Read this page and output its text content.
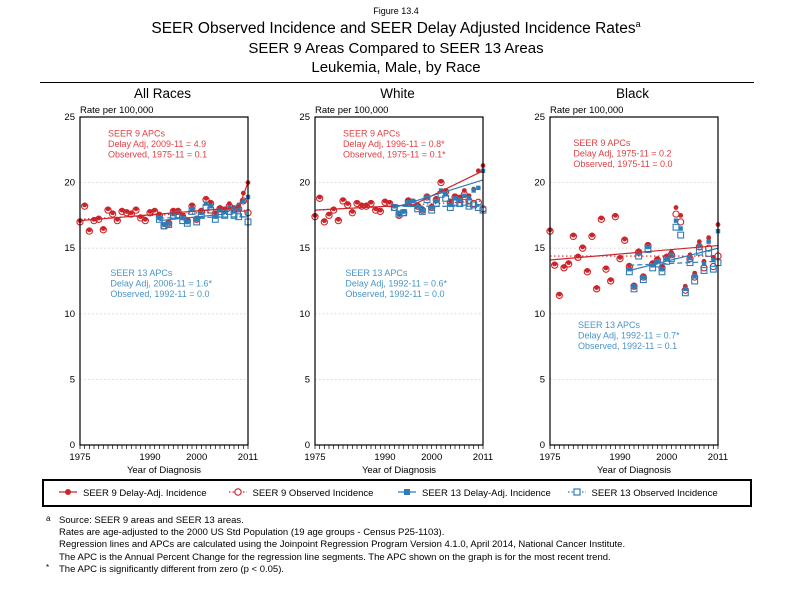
Figure 13.4
SEER Observed Incidence and SEER Delay Adjusted Incidence Rates$^a$
SEER 9 Areas Compared to SEER 13 Areas
Leukemia, Male, by Race
All Races
SEER 9 APCs Delay Adj, 2009-11 = 4.9 Observed, 1975-11 = 0.1
SEER 13 APCs Delay Adj, 2006-11 = 1.6* Observed, 1992-11 = 0.0
0
5
10
15
20
25
Rate per 100,000
1975	1990	2000	2011
Year of Diagnosis
White
SEER 9 APCs Delay Adj, 1996-11 = 0.8* Observed, 1975-11 = 0.1*
SEER 13 APCs Delay Adj, 1992-11 = 0.6* Observed, 1992-11 = 0.0
0
5
10
15
20
25
Rate per 100,000
1975	1990	2000	2011
Year of Diagnosis
Black
SEER 9 APCs Delay Adj, 1975-11 = 0.2 Observed, 1975-11 = 0.0
SEER 13 APCs Delay Adj, 1992-11 = 0.7* Observed, 1992-11 = 0.1
0
5
10
15
20
25
Rate per 100,000
1975	1990	2000	2011
Year of Diagnosis
SEER 9 Delay-Adj. Incidence	SEER 9 Observed Incidence	SEER 13 Delay-Adj. Incidence	SEER 13 Observed Incidence
a Source: SEER 9 areas and SEER 13 areas.
Rates are age-adjusted to the 2000 US Std Population (19 age groups - Census P25-1103).
Regression lines and APCs are calculated using the Joinpoint Regression Program Version 4.1.0, April 2014, National Cancer Institute.
The APC is the Annual Percent Change for the regression line segments. The APC shown on the graph is for the most recent trend.
*	The APC is significantly different from zero (p < 0.05).
